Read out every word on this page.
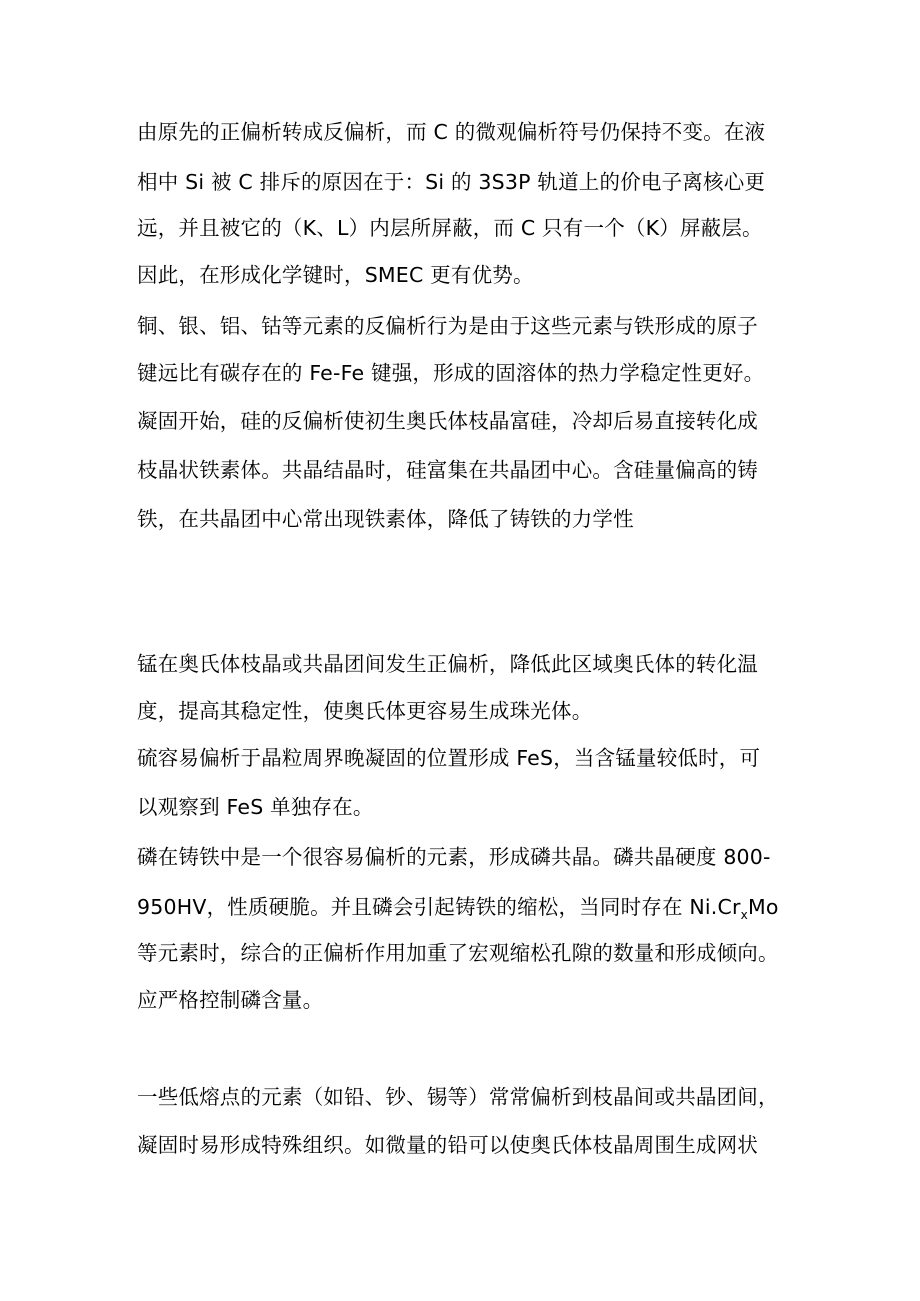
由原先的正偏析转成反偏析，而 C 的微观偏析符号仍保持不变。在液
相中 Si 被 C 排斥的原因在于：Si 的 3S3P 轨道上的价电子离核心更
远，并且被它的（K、L）内层所屏蔽，而 C 只有一个（K）屏蔽层。
因此，在形成化学键时，SMEC 更有优势。
铜、银、铝、钴等元素的反偏析行为是由于这些元素与铁形成的原子
键远比有碳存在的 Fe-Fe 键强，形成的固溶体的热力学稳定性更好。
凝固开始，硅的反偏析使初生奥氏体枝晶富硅，冷却后易直接转化成
枝晶状铁素体。共晶结晶时，硅富集在共晶团中心。含硅量偏高的铸
铁，在共晶团中心常出现铁素体，降低了铸铁的力学性
锰在奥氏体枝晶或共晶团间发生正偏析，降低此区域奥氏体的转化温
度，提高其稳定性，使奥氏体更容易生成珠光体。
硫容易偏析于晶粒周界晚凝固的位置形成 FeS，当含锰量较低时，可
以观察到 FeS 单独存在。
磷在铸铁中是一个很容易偏析的元素，形成磷共晶。磷共晶硬度 800-
950HV，性质硬脆。并且磷会引起铸铁的缩松，当同时存在 $Ni.Cr_xMo$
等元素时，综合的正偏析作用加重了宏观缩松孔隙的数量和形成倾向。
应严格控制磷含量。
一些低熔点的元素（如铅、钞、锡等）常常偏析到枝晶间或共晶团间，
凝固时易形成特殊组织。如微量的铅可以使奥氏体枝晶周围生成网状
